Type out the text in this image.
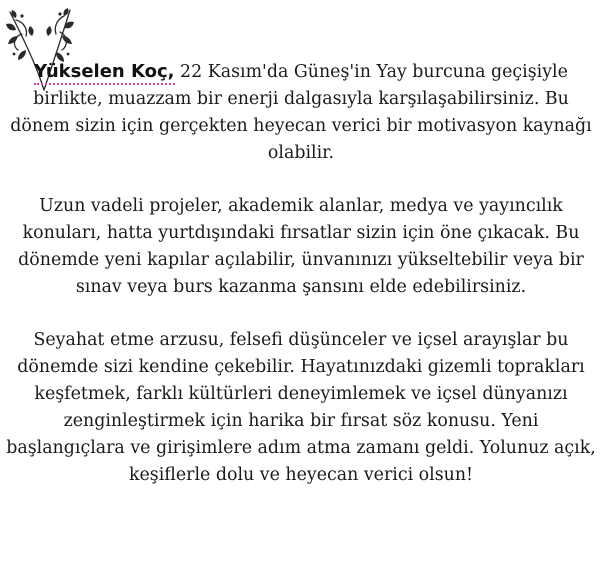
Yükselen Koç, 22 Kasım'da Güneş'in Yay burcuna geçişiyle birlikte, muazzam bir enerji dalgasıyla karşılaşabilirsiniz. Bu dönem sizin için gerçekten heyecan verici bir motivasyon kaynağı olabilir.

Uzun vadeli projeler, akademik alanlar, medya ve yayıncılık konuları, hatta yurtdışındaki fırsatlar sizin için öne çıkacak. Bu dönemde yeni kapılar açılabilir, ünvanınızı yükseltebilir veya bir sınav veya burs kazanma şansını elde edebilirsiniz.

Seyahat etme arzusu, felsefi düşünceler ve içsel arayışlar bu dönemde sizi kendine çekebilir. Hayatınızdaki gizemli toprakları keşfetmek, farklı kültürleri deneyimlemek ve içsel dünyanızı zenginleştirmek için harika bir fırsat söz konusu. Yeni başlangıçlara ve girişimlere adım atma zamanı geldi. Yolunuz açık, keşiflerle dolu ve heyecan verici olsun!
